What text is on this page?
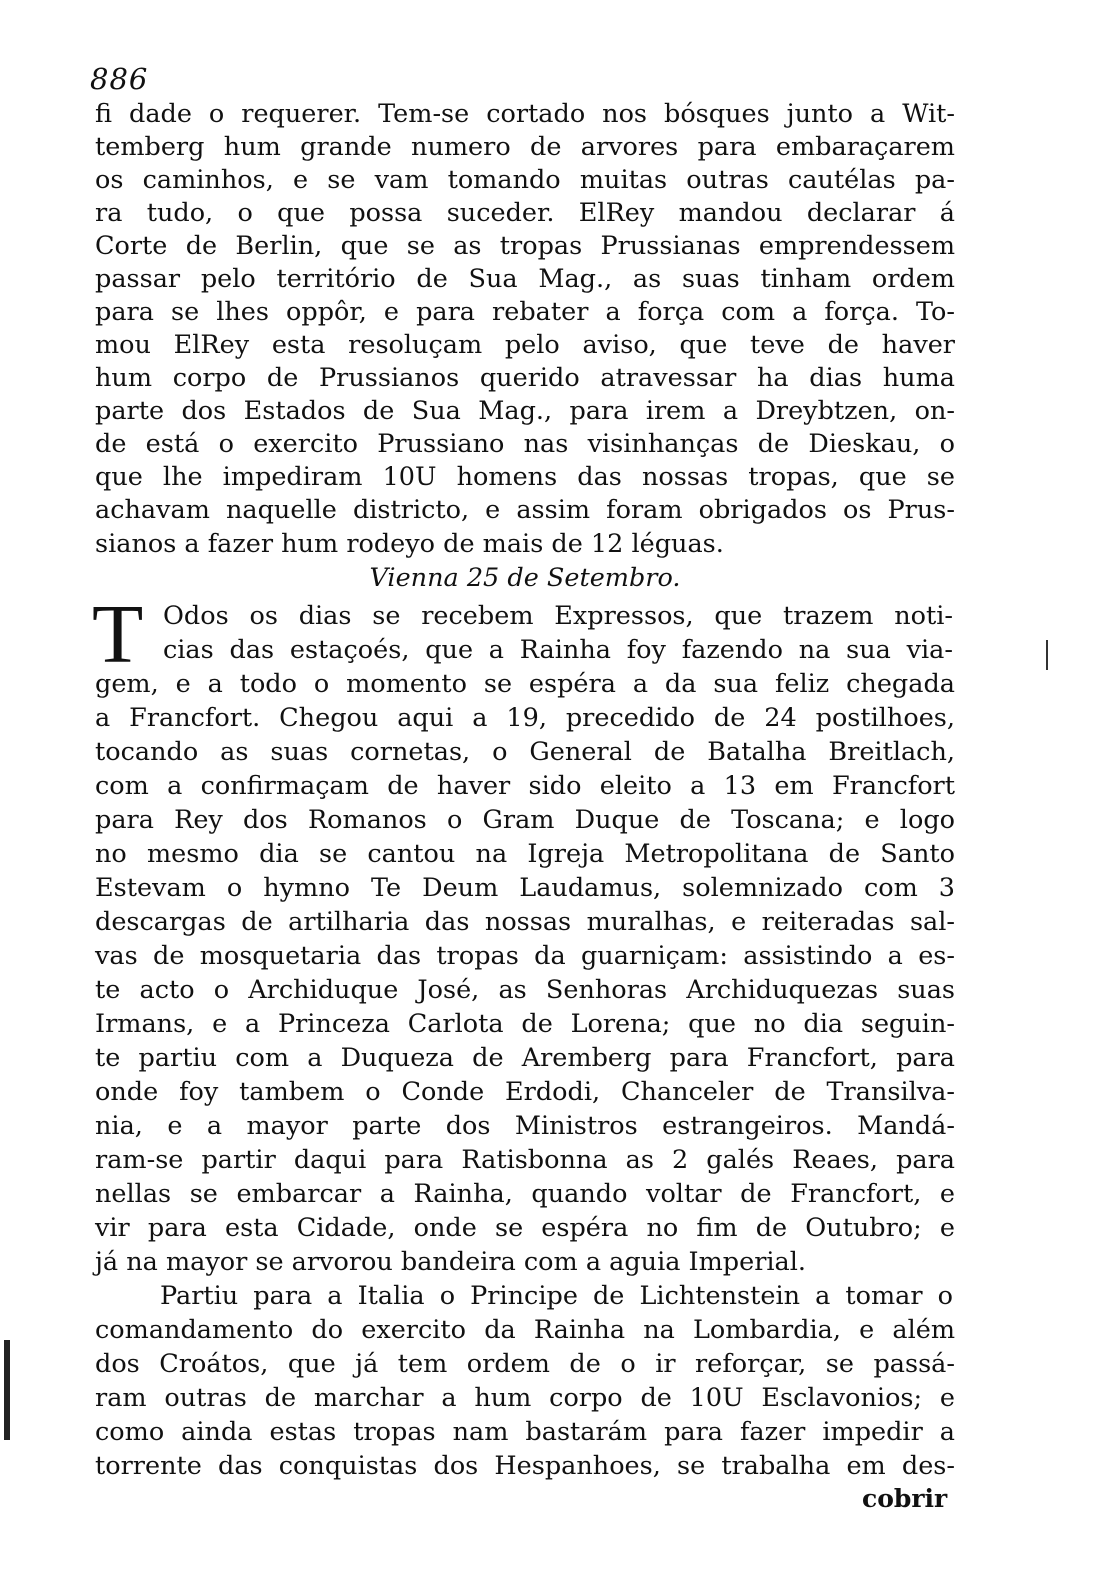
886
fi dade o requerer. Tem-se cortado nos bósques junto a Wit-
temberg hum grande numero de arvores para embaraçarem
os caminhos, e se vam tomando muitas outras cautélas pa-
ra tudo, o que possa suceder. ElRey mandou declarar á
Corte de Berlin, que se as tropas Prussianas emprendessem
passar pelo território de Sua Mag., as suas tinham ordem
para se lhes oppôr, e para rebater a força com a força. To-
mou ElRey esta resoluçam pelo aviso, que teve de haver
hum corpo de Prussianos querido atravessar ha dias huma
parte dos Estados de Sua Mag., para irem a Dreybtzen, on-
de está o exercito Prussiano nas visinhanças de Dieskau, o
que lhe impediram 10U homens das nossas tropas, que se
achavam naquelle districto, e assim foram obrigados os Prus-
sianos a fazer hum rodeyo de mais de 12 léguas.
Vienna 25 de Setembro.
T Odos os dias se recebem Expressos, que trazem noti-
cias das estaçoés, que a Rainha foy fazendo na sua via-
gem, e a todo o momento se espéra a da sua feliz chegada
a Francfort. Chegou aqui a 19, precedido de 24 postilhoes,
tocando as suas cornetas, o General de Batalha Breitlach,
com a confirmaçam de haver sido eleito a 13 em Francfort
para Rey dos Romanos o Gram Duque de Toscana; e logo
no mesmo dia se cantou na Igreja Metropolitana de Santo
Estevam o hymno Te Deum Laudamus, solemnizado com 3
descargas de artilharia das nossas muralhas, e reiteradas sal-
vas de mosquetaria das tropas da guarniçam: assistindo a es-
te acto o Archiduque José, as Senhoras Archiduquezas suas
Irmans, e a Princeza Carlota de Lorena; que no dia seguin-
te partiu com a Duqueza de Aremberg para Francfort, para
onde foy tambem o Conde Erdodi, Chanceler de Transilva-
nia, e a mayor parte dos Ministros estrangeiros. Mandá-
ram-se partir daqui para Ratisbonna as 2 galés Reaes, para
nellas se embarcar a Rainha, quando voltar de Francfort, e
vir para esta Cidade, onde se espéra no fim de Outubro; e
já na mayor se arvorou bandeira com a aguia Imperial.
Partiu para a Italia o Principe de Lichtenstein a tomar o
comandamento do exercito da Rainha na Lombardia, e além
dos Croátos, que já tem ordem de o ir reforçar, se passá-
ram outras de marchar a hum corpo de 10U Esclavonios; e
como ainda estas tropas nam bastarám para fazer impedir a
torrente das conquistas dos Hespanhoes, se trabalha em des-
cobrir
